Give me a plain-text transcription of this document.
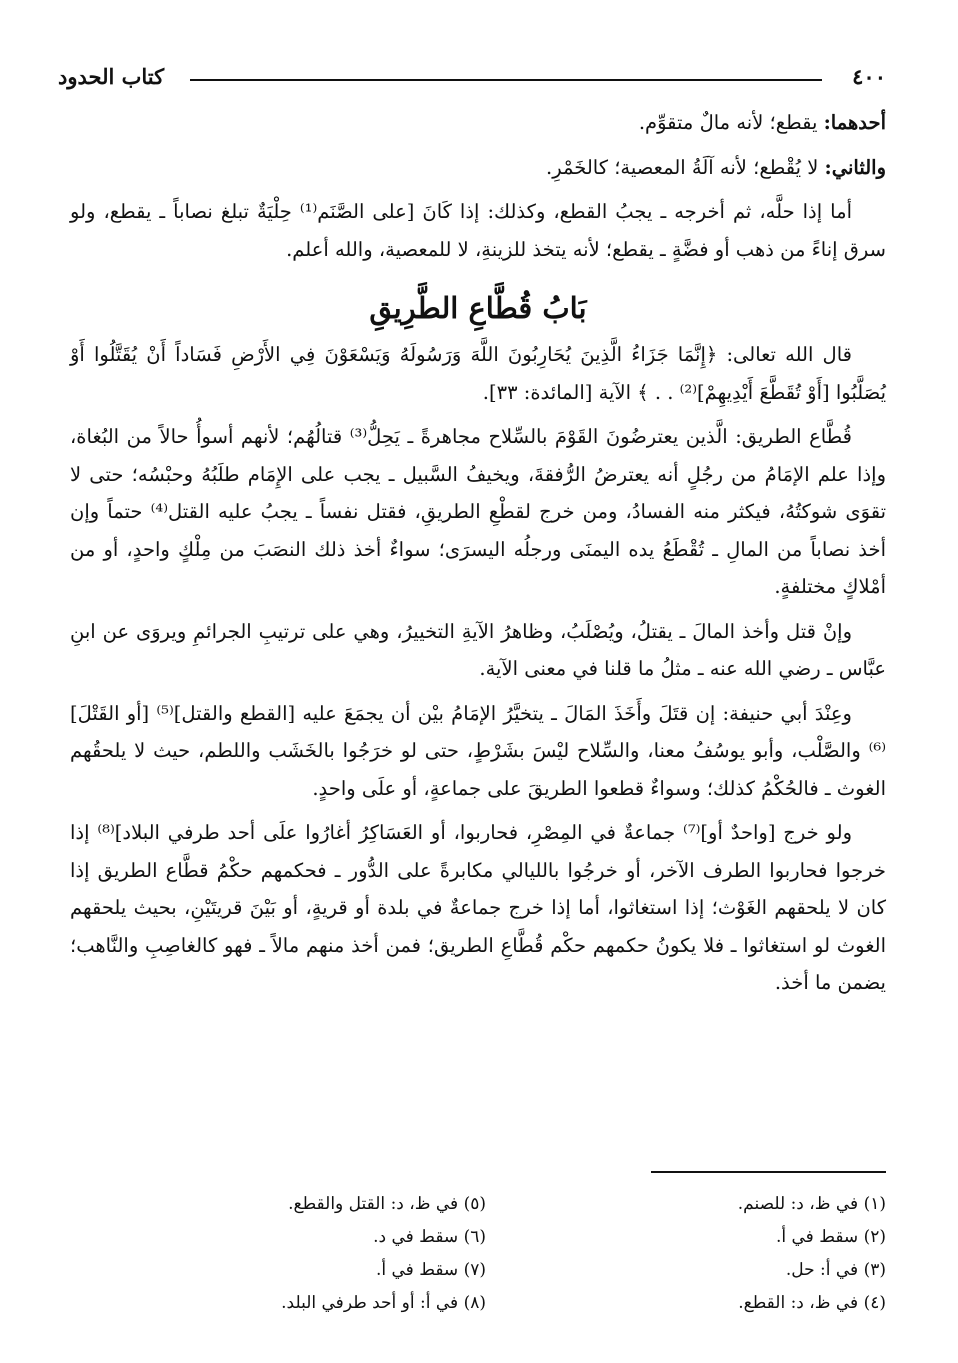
كتاب الحدود	٤٠٠

أحدهما: يقطع؛ لأنه مالٌ متقوِّم.

والثاني: لا يُقْطع؛ لأنه آلَةُ المعصية؛ كالخَمْرِ.

أما إذا حلَّه، ثم أخرجه ـ يجبُ القطع، وكذلك: إذا كَانَ [على الصَّنَم⁽¹⁾ حِلْيَةٌ تبلغ نصاباً ـ يقطع، ولو سرق إناءً من ذهب أو فضَّةٍ ـ يقطع؛ لأنه يتخذ للزينةِ، لا للمعصية، والله أعلم.

بَابُ قُطَّاعِ الطَّرِيقِ

قال الله تعالى: ﴿إِنَّمَا جَزَاءُ الَّذِينَ يُحَارِبُونَ اللَّهَ وَرَسُولَهُ وَيَسْعَوْنَ فِي الأَرْضِ فَسَاداً أَنْ يُقَتَّلُوا أَوْ يُصَلَّبُوا [أَوْ تُقَطَّعَ أَيْدِيهِمْ]⁽²⁾ . . ﴾ الآية [المائدة: ٣٣].

قُطَّاع الطريق: الَّذين يعترضُونَ القَوْمَ بالسِّلاح مجاهرةً ـ يَحِلُّ⁽³⁾ قتالُهُم؛ لأنهم أسوأُ حالاً من البُغاة، وإذا علم الإمَامُ من رجُلٍ أنه يعترضُ الرُّفقةَ، ويخيفُ السَّبيل ـ يجب على الإِمَام طلَبُهُ وحبْسُه؛ حتى لا تقوَى شوكتُهُ، فيكثر منه الفسادُ، ومن خرج لقطْعِ الطريقِ، فقتل نفساً ـ يجبُ عليه القتل⁽⁴⁾ حتماً وإن أخذ نصاباً من المالِ ـ تُقْطَعُ يده اليمنَى ورجلُه اليسرَى؛ سواءٌ أخذ ذلك النصَبَ من مِلْكٍ واحدٍ، أو من أمْلاكٍ مختلفةٍ.

وإنْ قتل وأخذ المالَ ـ يقتلُ، ويُصْلَبُ، وظاهرُ الآيةِ التخييرُ، وهي على ترتيبِ الجرائمِ ويروَى عن ابنِ عبَّاس ـ رضي الله عنه ـ مثلُ ما قلنا في معنى الآية.

وعِنْدَ أبي حنيفة: إن قتَلَ وأَخَذَ المَالَ ـ يتخيَّرُ الإمَامُ بيْن أن يجمَعَ عليه [القطع والقتل]⁽⁵⁾ [أو القَتْلَ]⁽⁶⁾ والصَّلْب، وأبو يوسُفُ معنا، والسِّلاح ليْسَ بشَرْطٍ، حتى لو خرَجُوا بالخَشَب واللطم، حيث لا يلحقُهم الغوث ـ فالحُكْمُ كذلك؛ وسواءٌ قطعوا الطريقَ على جماعةٍ، أو علَى واحدٍ.

ولو خرج [واحدٌ أو]⁽⁷⁾ جماعةٌ في المِصْرِ، فحاربوا، أو العَسَاكِرُ أغارُوا علَى أحد طرفي البلاد]⁽⁸⁾ إذا خرجوا فحاربوا الطرف الآخر، أو خرجُوا بالليالي مكابرةً على الدُّور ـ فحكمهم حكْمُ قطَّاع الطريق إذا كان لا يلحقهم الغَوْث؛ إذا استغاثوا، أما إذا خرج جماعةٌ في بلدة أو قريةٍ، أو بَيْنَ قريتَيْنِ، بحيث يلحقهم الغوث لو استغاثوا ـ فلا يكونُ حكمهم حكْم قُطَّاعِ الطريق؛ فمن أخذ منهم مالاً ـ فهو كالغاصِبِ والنَّاهب؛ يضمن ما أخذ.

(١) في ظ، د: للصنم.
(٢) سقط في أ.
(٣) في أ: حل.
(٤) في ظ، د: القطع.
(٥) في ظ، د: القتل والقطع.
(٦) سقط في د.
(٧) سقط في أ.
(٨) في أ: أو أحد طرفي البلد.
